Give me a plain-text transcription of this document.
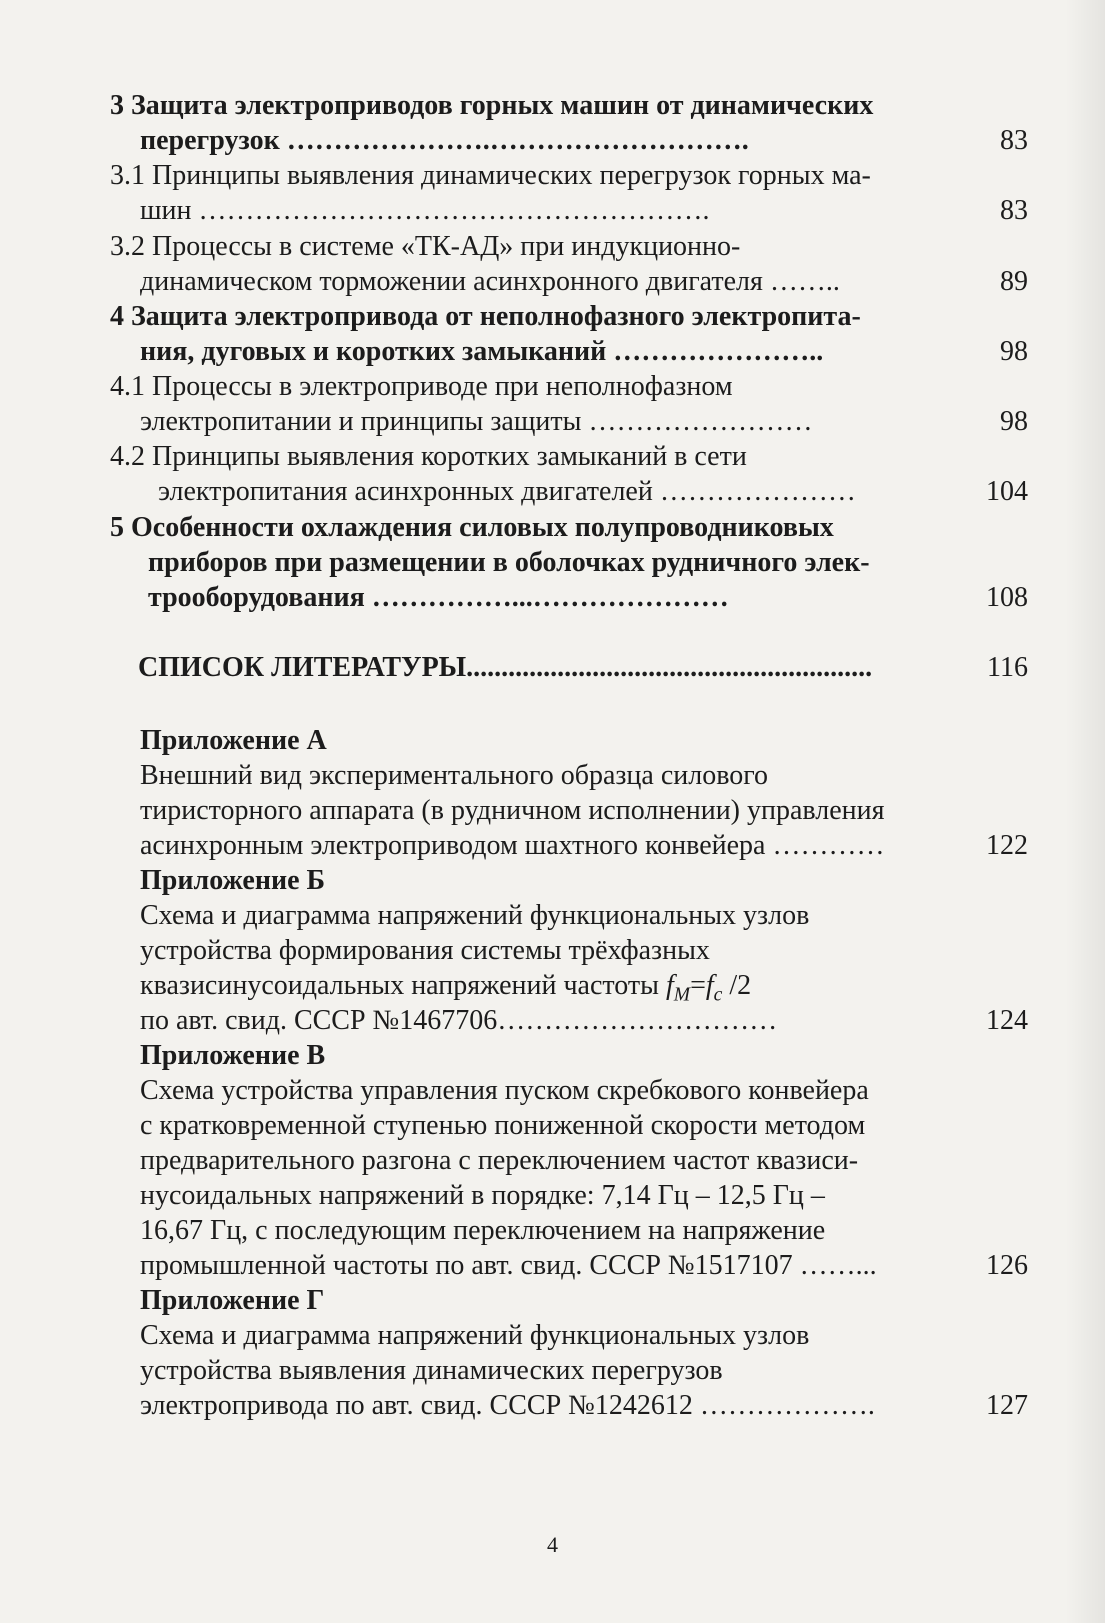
3 Защита электроприводов горных машин от динамических
перегрузок ………………….……………………….	83
3.1 Принципы выявления динамических перегрузок горных ма-
шин ……………………………………………….	83
3.2 Процессы в системе «ТК-АД» при индукционно-
динамическом торможении асинхронного двигателя ……..	89
4 Защита электропривода от неполнофазного электропита-
ния, дуговых и коротких замыканий …………………..	98
4.1 Процессы в электроприводе при неполнофазном
электропитании и принципы защиты ……………………	98
4.2 Принципы выявления коротких замыканий в сети
электропитания асинхронных двигателей …………………	104
5 Особенности охлаждения силовых полупроводниковых
приборов при размещении в оболочках рудничного элек-
трооборудования ……………...…………………	108
СПИСОК ЛИТЕРАТУРЫ..........................................................	116
Приложение А
Внешний вид экспериментального образца силового
тиристорного аппарата (в рудничном исполнении) управления
асинхронным электроприводом шахтного конвейера …………	122
Приложение Б
Схема и диаграмма напряжений функциональных узлов
устройства формирования системы трёхфазных
квазисинусоидальных напряжений частоты $f_M=f_c$ /2
по авт. свид. СССР №1467706…………………………	124
Приложение В
Схема устройства управления пуском скребкового конвейера
с кратковременной ступенью пониженной скорости методом
предварительного разгона с переключением частот квазиси-
нусоидальных напряжений в порядке: 7,14 Гц – 12,5 Гц –
16,67 Гц, с последующим переключением на напряжение
промышленной частоты по авт. свид. СССР №1517107 ……...	126
Приложение Г
Схема и диаграмма напряжений функциональных узлов
устройства выявления динамических перегрузов
электропривода по авт. свид. СССР №1242612 ……………….	127
4
